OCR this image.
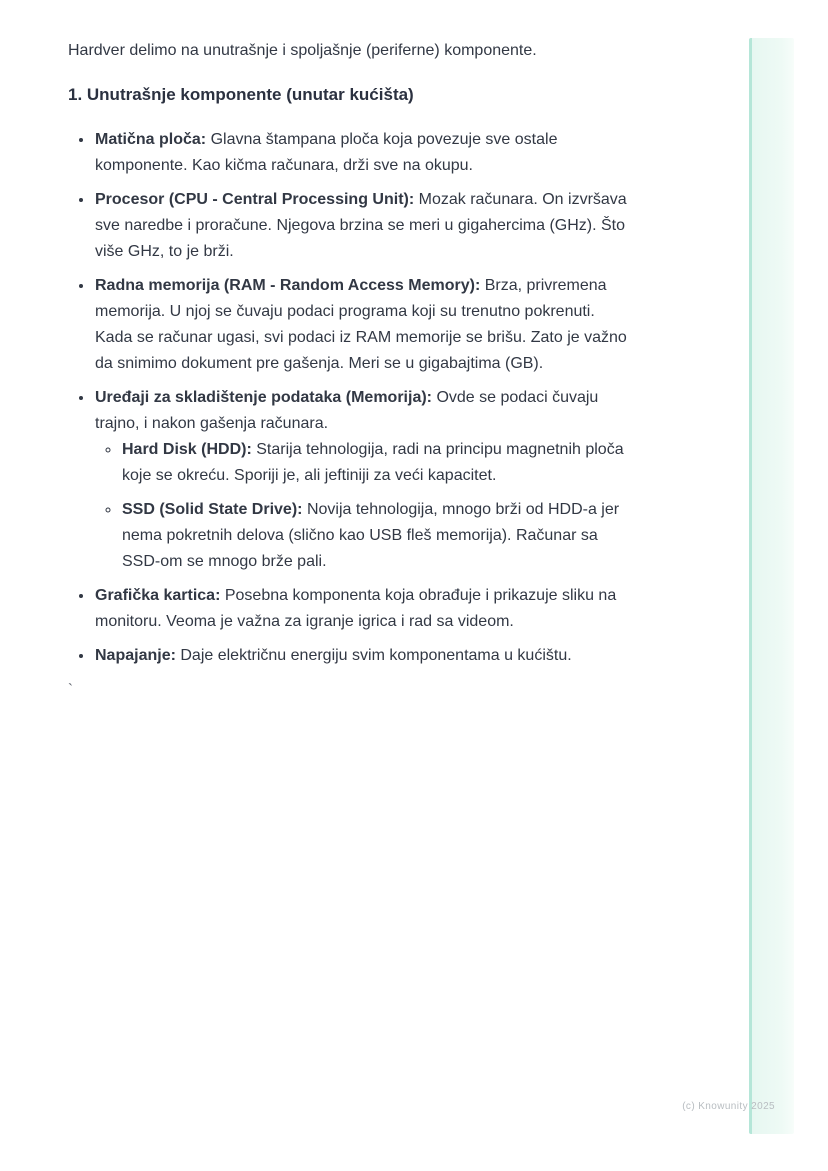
Hardver delimo na unutrašnje i spoljašnje (periferne) komponente.

1. Unutrašnje komponente (unutar kućišta)
• Matična ploča: Glavna štampana ploča koja povezuje sve ostale komponente. Kao kičma računara, drži sve na okupu.
• Procesor (CPU - Central Processing Unit): Mozak računara. On izvršava sve naredbe i proračune. Njegova brzina se meri u gigahercima (GHz). Što više GHz, to je brži.
• Radna memorija (RAM - Random Access Memory): Brza, privremena memorija. U njoj se čuvaju podaci programa koji su trenutno pokrenuti. Kada se računar ugasi, svi podaci iz RAM memorije se brišu. Zato je važno da snimimo dokument pre gašenja. Meri se u gigabajtima (GB).
• Uređaji za skladištenje podataka (Memorija): Ovde se podaci čuvaju trajno, i nakon gašenja računara.
◦ Hard Disk (HDD): Starija tehnologija, radi na principu magnetnih ploča koje se okreću. Sporiji je, ali jeftiniji za veći kapacitet.
◦ SSD (Solid State Drive): Novija tehnologija, mnogo brži od HDD-a jer nema pokretnih delova (slično kao USB fleš memorija). Računar sa SSD-om se mnogo brže pali.
• Grafička kartica: Posebna komponenta koja obrađuje i prikazuje sliku na monitoru. Veoma je važna za igranje igrica i rad sa videom.
• Napajanje: Daje električnu energiju svim komponentama u kućištu.
`
(c) Knowunity 2025
